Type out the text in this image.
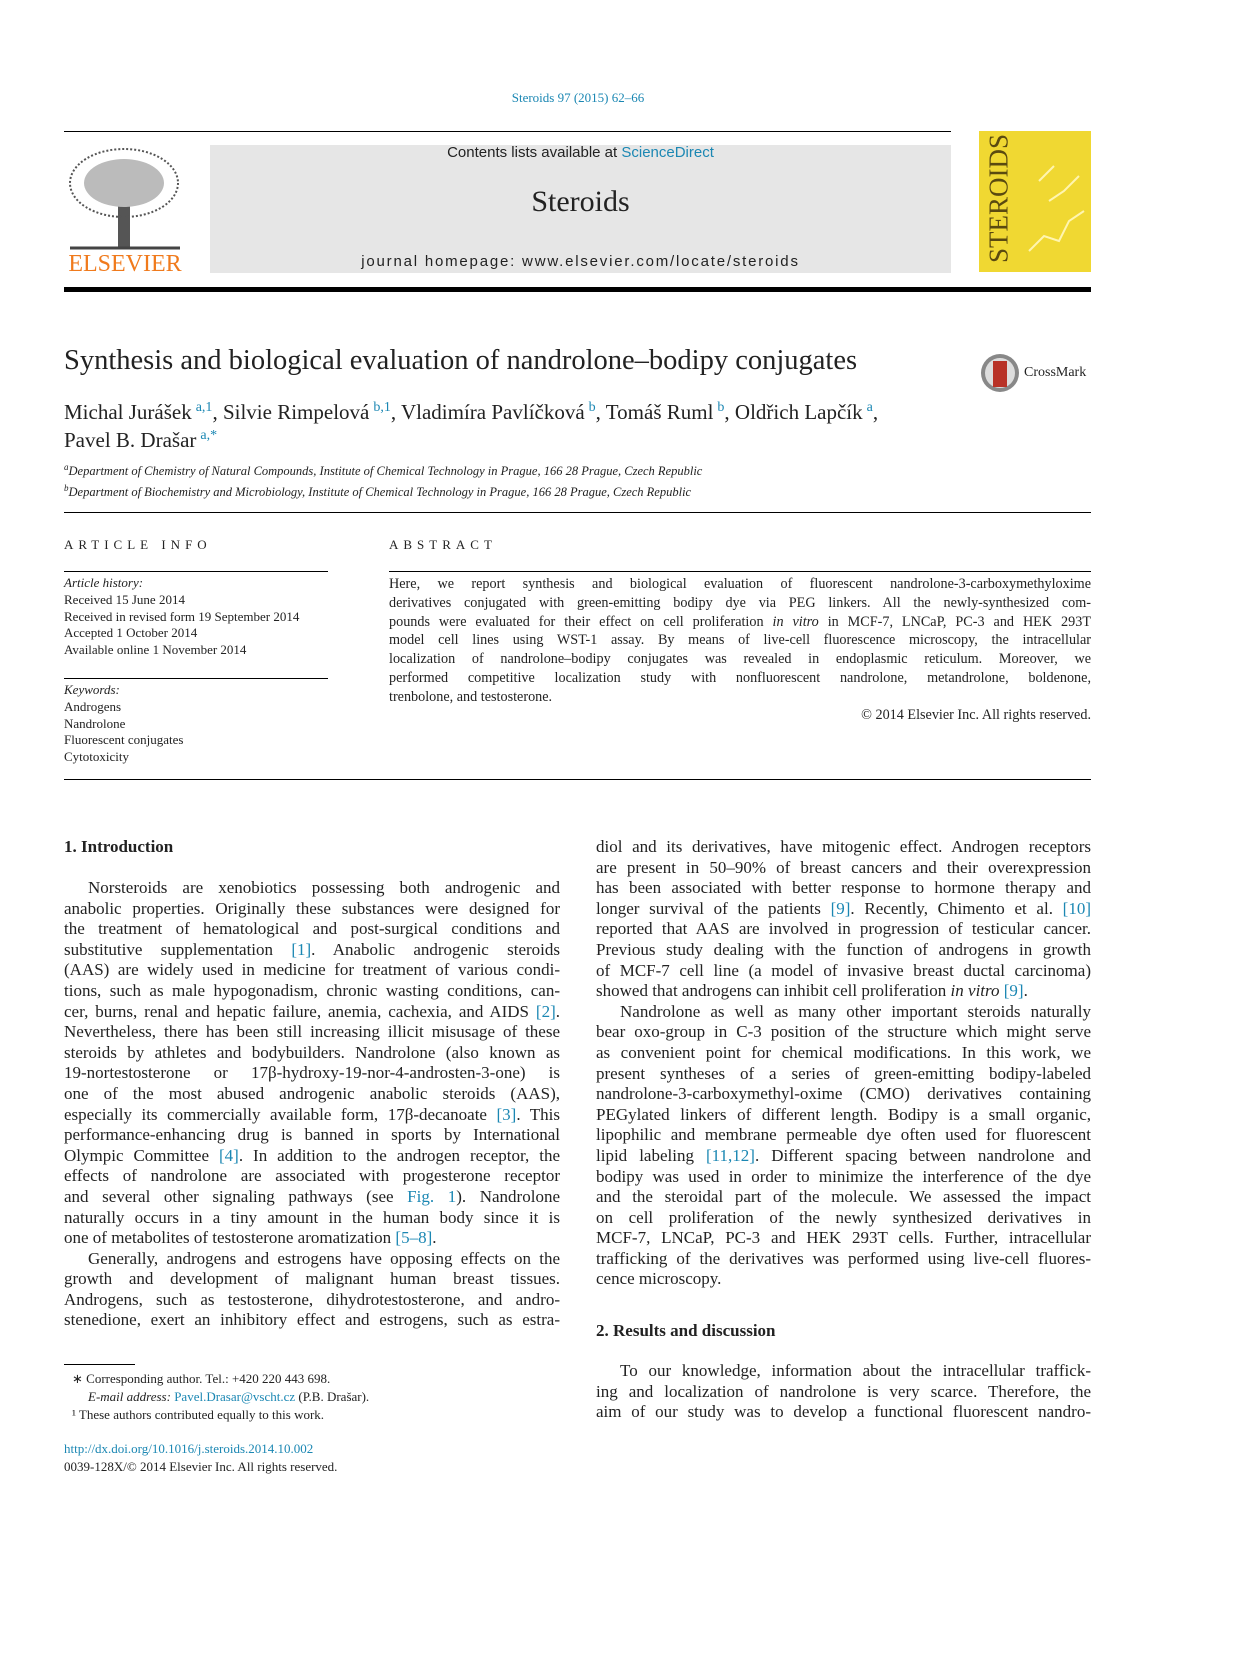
Steroids 97 (2015) 62–66
ELSEVIER
Contents lists available at ScienceDirect
Steroids
journal homepage: www.elsevier.com/locate/steroids	STEROIDS
Synthesis and biological evaluation of nandrolone–bodipy conjugates	CrossMark
Michal Jurášek $^{a,1}$, Silvie Rimpelová $^{b,1}$, Vladimíra Pavlíčková $^b$, Tomáš Ruml $^b$, Oldřich Lapčík $^a$,
Pavel B. Drašar $^{a,*}$
$^a$Department of Chemistry of Natural Compounds, Institute of Chemical Technology in Prague, 166 28 Prague, Czech Republic
$^b$Department of Biochemistry and Microbiology, Institute of Chemical Technology in Prague, 166 28 Prague, Czech Republic
ARTICLE INFO	ABSTRACT
Article history:
Received 15 June 2014
Received in revised form 19 September 2014
Accepted 1 October 2014
Available online 1 November 2014
Keywords:
Androgens
Nandrolone
Fluorescent conjugates
Cytotoxicity
Here, we report synthesis and biological evaluation of fluorescent nandrolone-3-carboxymethyloxime
derivatives conjugated with green-emitting bodipy dye via PEG linkers. All the newly-synthesized com-
pounds were evaluated for their effect on cell proliferation in vitro in MCF-7, LNCaP, PC-3 and HEK 293T
model cell lines using WST-1 assay. By means of live-cell fluorescence microscopy, the intracellular
localization of nandrolone–bodipy conjugates was revealed in endoplasmic reticulum. Moreover, we
performed competitive localization study with nonfluorescent nandrolone, metandrolone, boldenone,
trenbolone, and testosterone.
© 2014 Elsevier Inc. All rights reserved.
1. Introduction
Norsteroids are xenobiotics possessing both androgenic and
anabolic properties. Originally these substances were designed for
the treatment of hematological and post-surgical conditions and
substitutive supplementation [1]. Anabolic androgenic steroids
(AAS) are widely used in medicine for treatment of various condi-
tions, such as male hypogonadism, chronic wasting conditions, can-
cer, burns, renal and hepatic failure, anemia, cachexia, and AIDS [2].
Nevertheless, there has been still increasing illicit misusage of these
steroids by athletes and bodybuilders. Nandrolone (also known as
19-nortestosterone or 17β-hydroxy-19-nor-4-androsten-3-one) is
one of the most abused androgenic anabolic steroids (AAS),
especially its commercially available form, 17β-decanoate [3]. This
performance-enhancing drug is banned in sports by International
Olympic Committee [4]. In addition to the androgen receptor, the
effects of nandrolone are associated with progesterone receptor
and several other signaling pathways (see Fig. 1). Nandrolone
naturally occurs in a tiny amount in the human body since it is
one of metabolites of testosterone aromatization [5–8].
Generally, androgens and estrogens have opposing effects on the
growth and development of malignant human breast tissues.
Androgens, such as testosterone, dihydrotestosterone, and andro-
stenedione, exert an inhibitory effect and estrogens, such as estra-
diol and its derivatives, have mitogenic effect. Androgen receptors
are present in 50–90% of breast cancers and their overexpression
has been associated with better response to hormone therapy and
longer survival of the patients [9]. Recently, Chimento et al. [10]
reported that AAS are involved in progression of testicular cancer.
Previous study dealing with the function of androgens in growth
of MCF-7 cell line (a model of invasive breast ductal carcinoma)
showed that androgens can inhibit cell proliferation in vitro [9].
Nandrolone as well as many other important steroids naturally
bear oxo-group in C-3 position of the structure which might serve
as convenient point for chemical modifications. In this work, we
present syntheses of a series of green-emitting bodipy-labeled
nandrolone-3-carboxymethyl-oxime (CMO) derivatives containing
PEGylated linkers of different length. Bodipy is a small organic,
lipophilic and membrane permeable dye often used for fluorescent
lipid labeling [11,12]. Different spacing between nandrolone and
bodipy was used in order to minimize the interference of the dye
and the steroidal part of the molecule. We assessed the impact
on cell proliferation of the newly synthesized derivatives in
MCF-7, LNCaP, PC-3 and HEK 293T cells. Further, intracellular
trafficking of the derivatives was performed using live-cell fluores-
cence microscopy.
2. Results and discussion
To our knowledge, information about the intracellular traffick-
ing and localization of nandrolone is very scarce. Therefore, the
aim of our study was to develop a functional fluorescent nandro-
∗ Corresponding author. Tel.: +420 220 443 698.
E-mail address: Pavel.Drasar@vscht.cz (P.B. Drašar).
¹ These authors contributed equally to this work.
http://dx.doi.org/10.1016/j.steroids.2014.10.002
0039-128X/© 2014 Elsevier Inc. All rights reserved.
